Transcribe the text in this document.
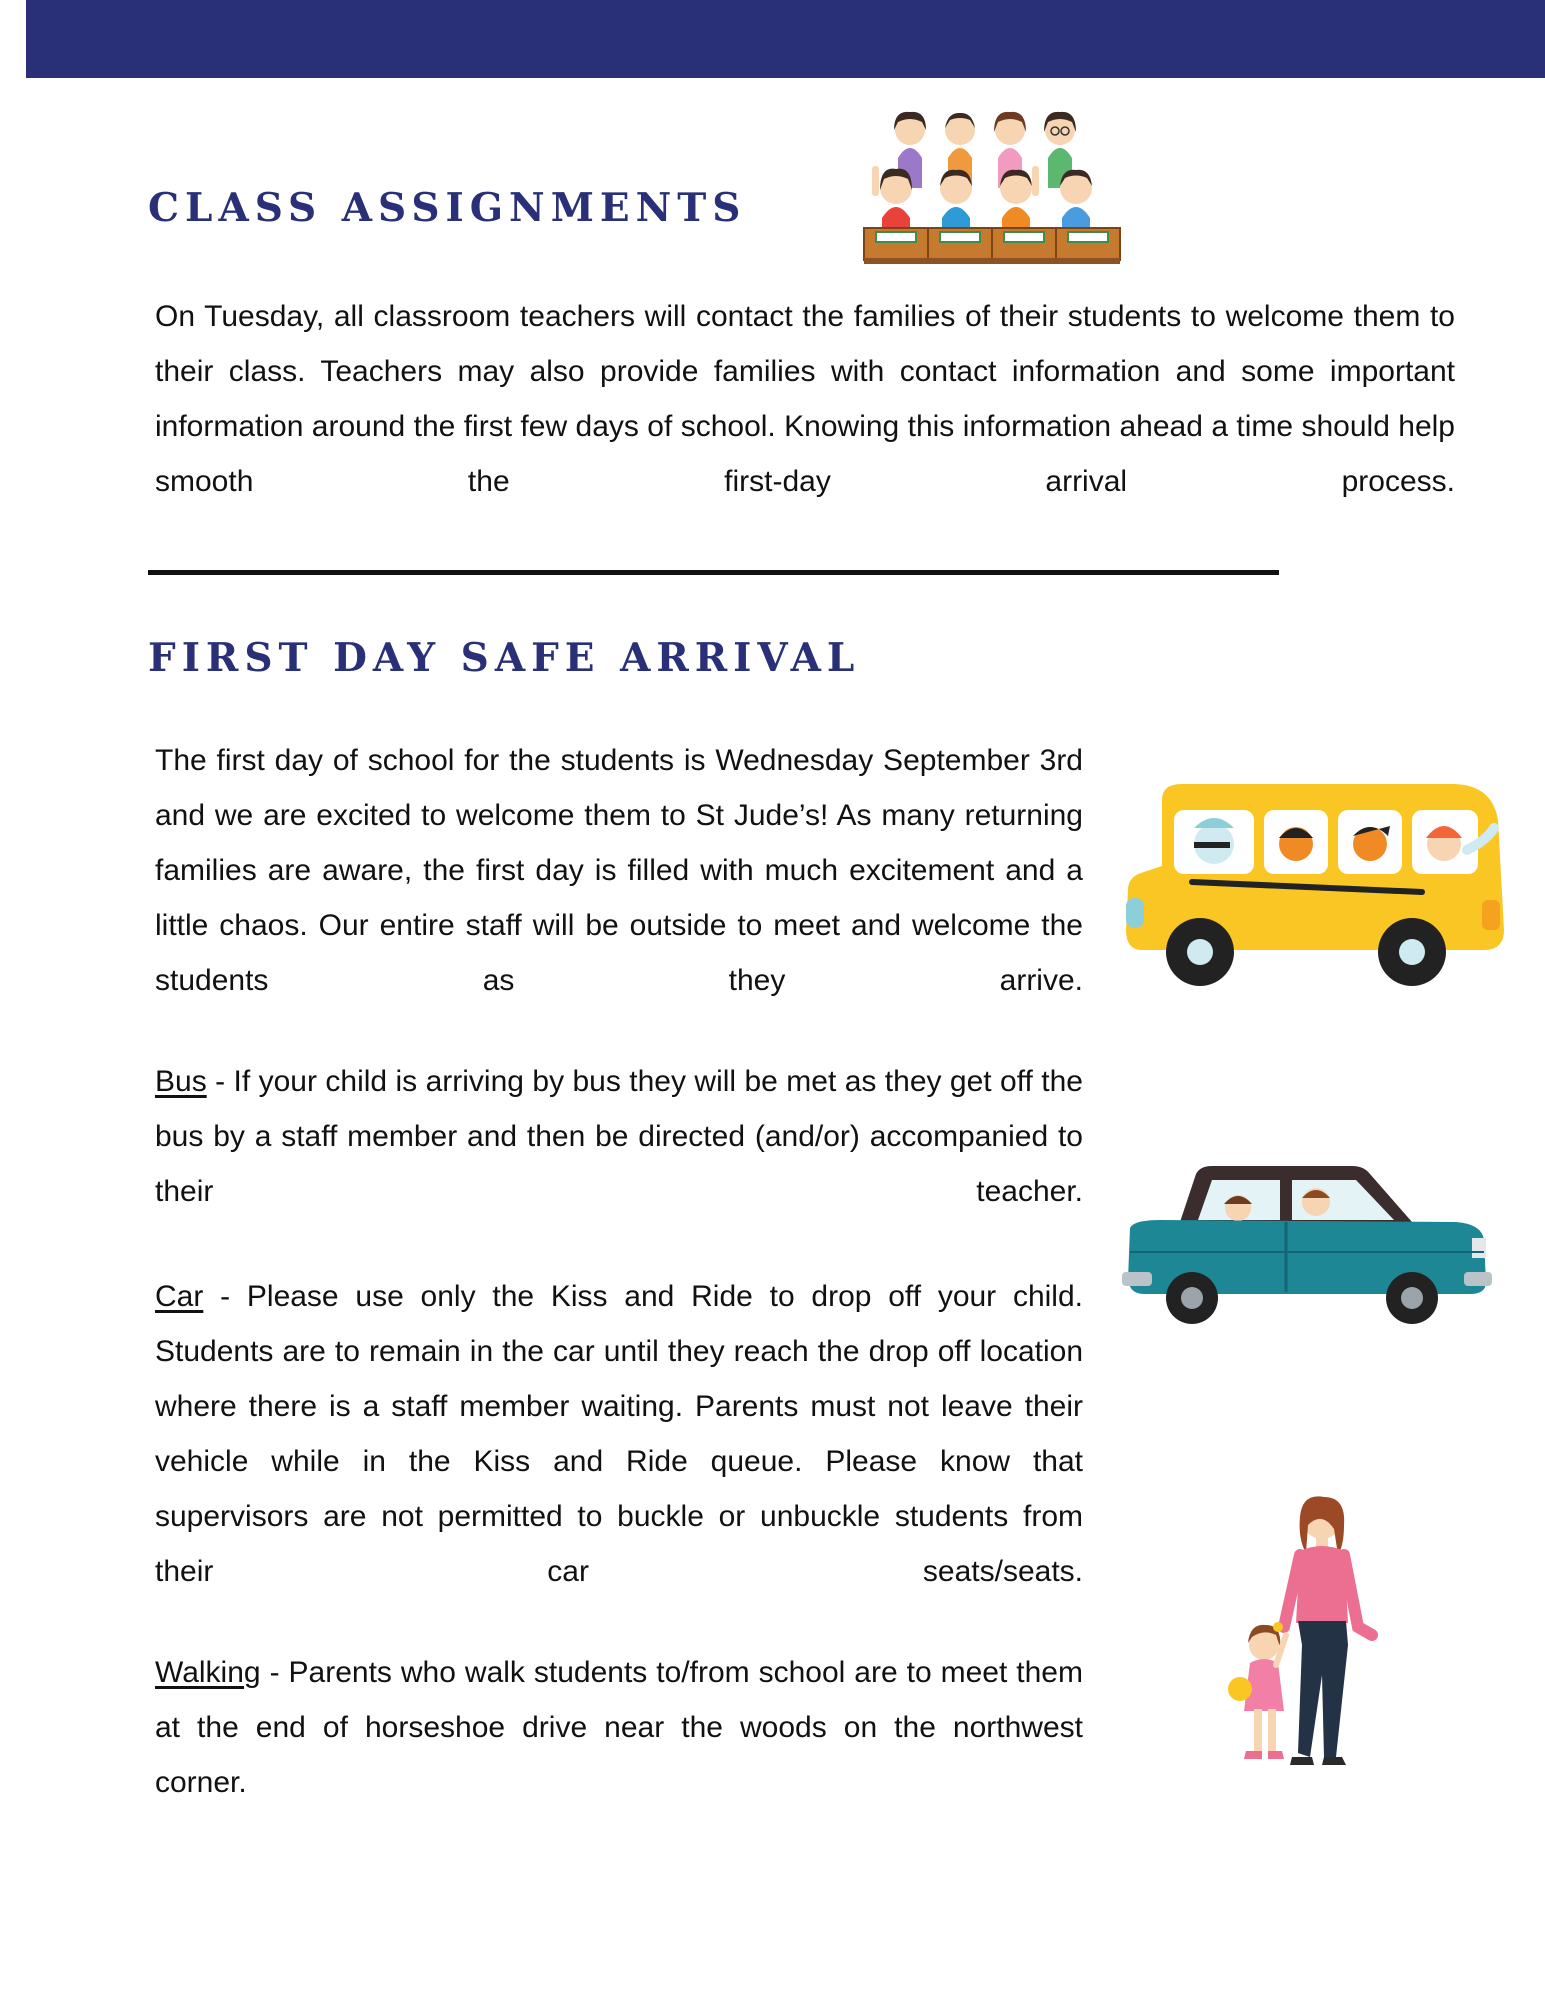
CLASS ASSIGNMENTS

On Tuesday, all classroom teachers will contact the families of their students to welcome them to their class. Teachers may also provide families with contact information and some important information around the first few days of school. Knowing this information ahead a time should help smooth the first-day arrival process.

FIRST DAY SAFE ARRIVAL

The first day of school for the students is Wednesday September 3rd and we are excited to welcome them to St Jude’s! As many returning families are aware, the first day is filled with much excitement and a little chaos. Our entire staff will be outside to meet and welcome the students as they arrive.

Bus - If your child is arriving by bus they will be met as they get off the bus by a staff member and then be directed (and/or) accompanied to their teacher.

Car - Please use only the Kiss and Ride to drop off your child. Students are to remain in the car until they reach the drop off location where there is a staff member waiting. Parents must not leave their vehicle while in the Kiss and Ride queue. Please know that supervisors are not permitted to buckle or unbuckle students from their car seats/seats.

Walking - Parents who walk students to/from school are to meet them at the end of horseshoe drive near the woods on the northwest corner.
